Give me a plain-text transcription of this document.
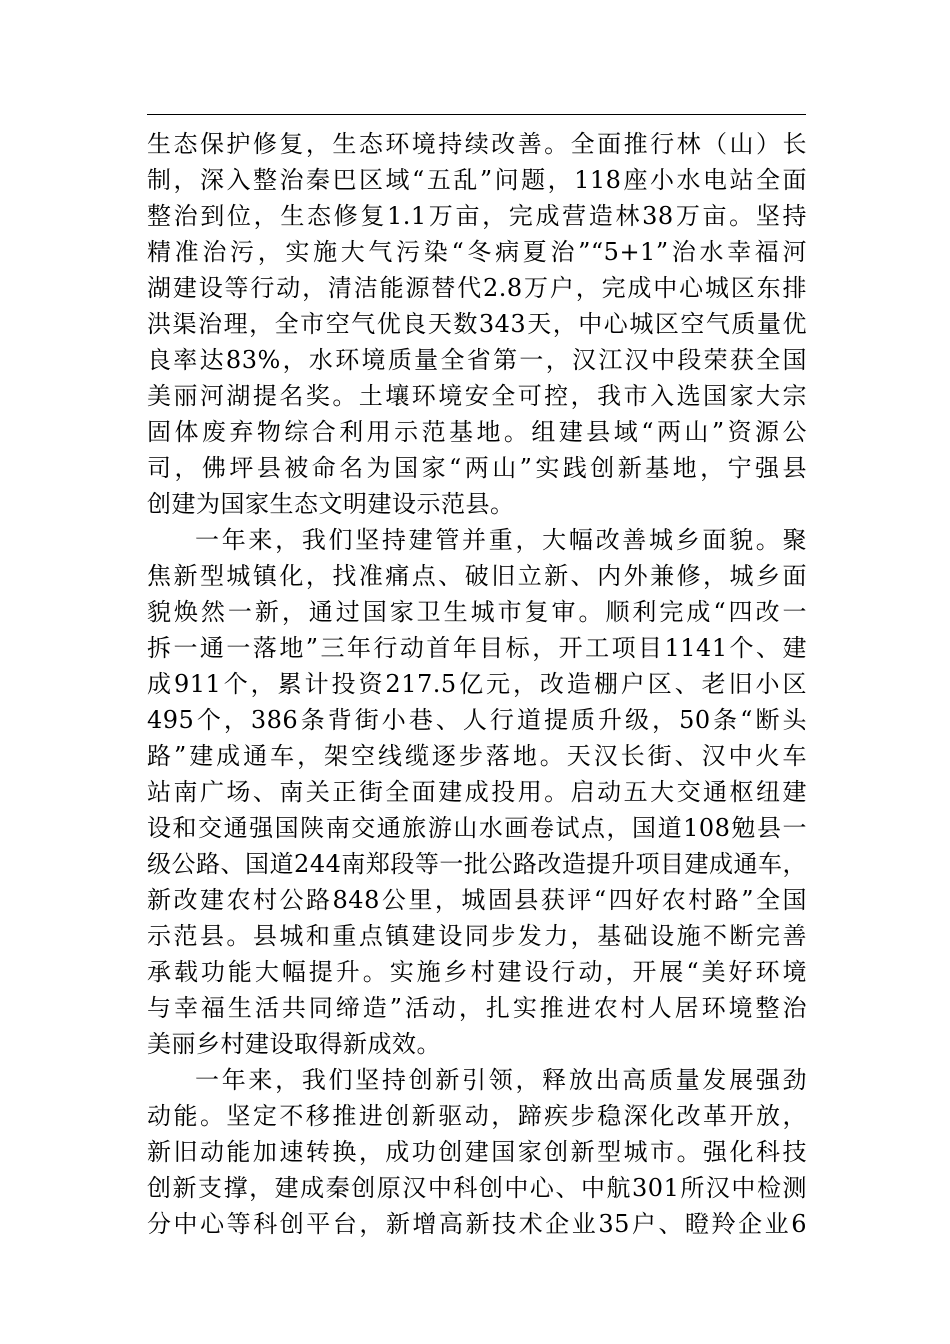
生态保护修复，生态环境持续改善。全面推行林（山）长
制，深入整治秦巴区域“五乱”问题，118座小水电站全面
整治到位，生态修复1.1万亩，完成营造林38万亩。坚持
精准治污，实施大气污染“冬病夏治”“5+1”治水幸福河
湖建设等行动，清洁能源替代2.8万户，完成中心城区东排
洪渠治理，全市空气优良天数343天，中心城区空气质量优
良率达83%，水环境质量全省第一，汉江汉中段荣获全国
美丽河湖提名奖。土壤环境安全可控，我市入选国家大宗
固体废弃物综合利用示范基地。组建县域“两山”资源公
司，佛坪县被命名为国家“两山”实践创新基地，宁强县
创建为国家生态文明建设示范县。
一年来，我们坚持建管并重，大幅改善城乡面貌。聚
焦新型城镇化，找准痛点、破旧立新、内外兼修，城乡面
貌焕然一新，通过国家卫生城市复审。顺利完成“四改一
拆一通一落地”三年行动首年目标，开工项目1141个、建
成911个，累计投资217.5亿元，改造棚户区、老旧小区
495个，386条背街小巷、人行道提质升级，50条“断头
路”建成通车，架空线缆逐步落地。天汉长街、汉中火车
站南广场、南关正街全面建成投用。启动五大交通枢纽建
设和交通强国陕南交通旅游山水画卷试点，国道108勉县一
级公路、国道244南郑段等一批公路改造提升项目建成通车，
新改建农村公路848公里，城固县获评“四好农村路”全国
示范县。县城和重点镇建设同步发力，基础设施不断完善
承载功能大幅提升。实施乡村建设行动，开展“美好环境
与幸福生活共同缔造”活动，扎实推进农村人居环境整治
美丽乡村建设取得新成效。
一年来，我们坚持创新引领，释放出高质量发展强劲
动能。坚定不移推进创新驱动，蹄疾步稳深化改革开放，
新旧动能加速转换，成功创建国家创新型城市。强化科技
创新支撑，建成秦创原汉中科创中心、中航301所汉中检测
分中心等科创平台，新增高新技术企业35户、瞪羚企业6
